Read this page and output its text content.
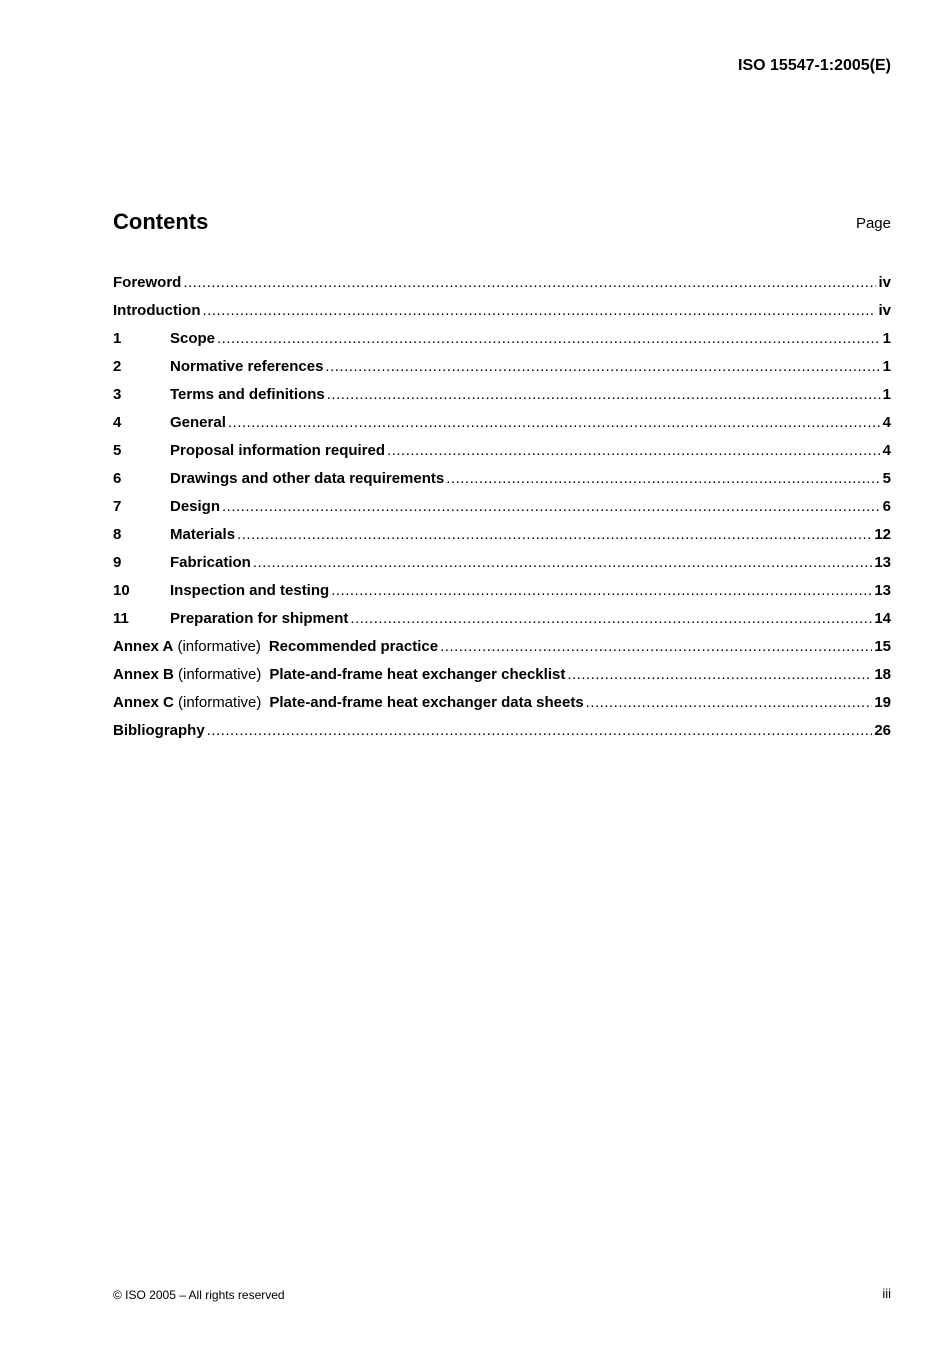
ISO 15547-1:2005(E)
Contents	Page
Foreword .....	iv
Introduction .....	iv
1	Scope .....	1
2	Normative references .....	1
3	Terms and definitions .....	1
4	General .....	4
5	Proposal information required .....	4
6	Drawings and other data requirements .....	5
7	Design .....	6
8	Materials .....	12
9	Fabrication .....	13
10	Inspection and testing .....	13
11	Preparation for shipment .....	14
Annex A (informative) Recommended practice .....	15
Annex B (informative) Plate-and-frame heat exchanger checklist .....	18
Annex C (informative) Plate-and-frame heat exchanger data sheets .....	19
Bibliography .....	26
© ISO 2005 – All rights reserved	iii
